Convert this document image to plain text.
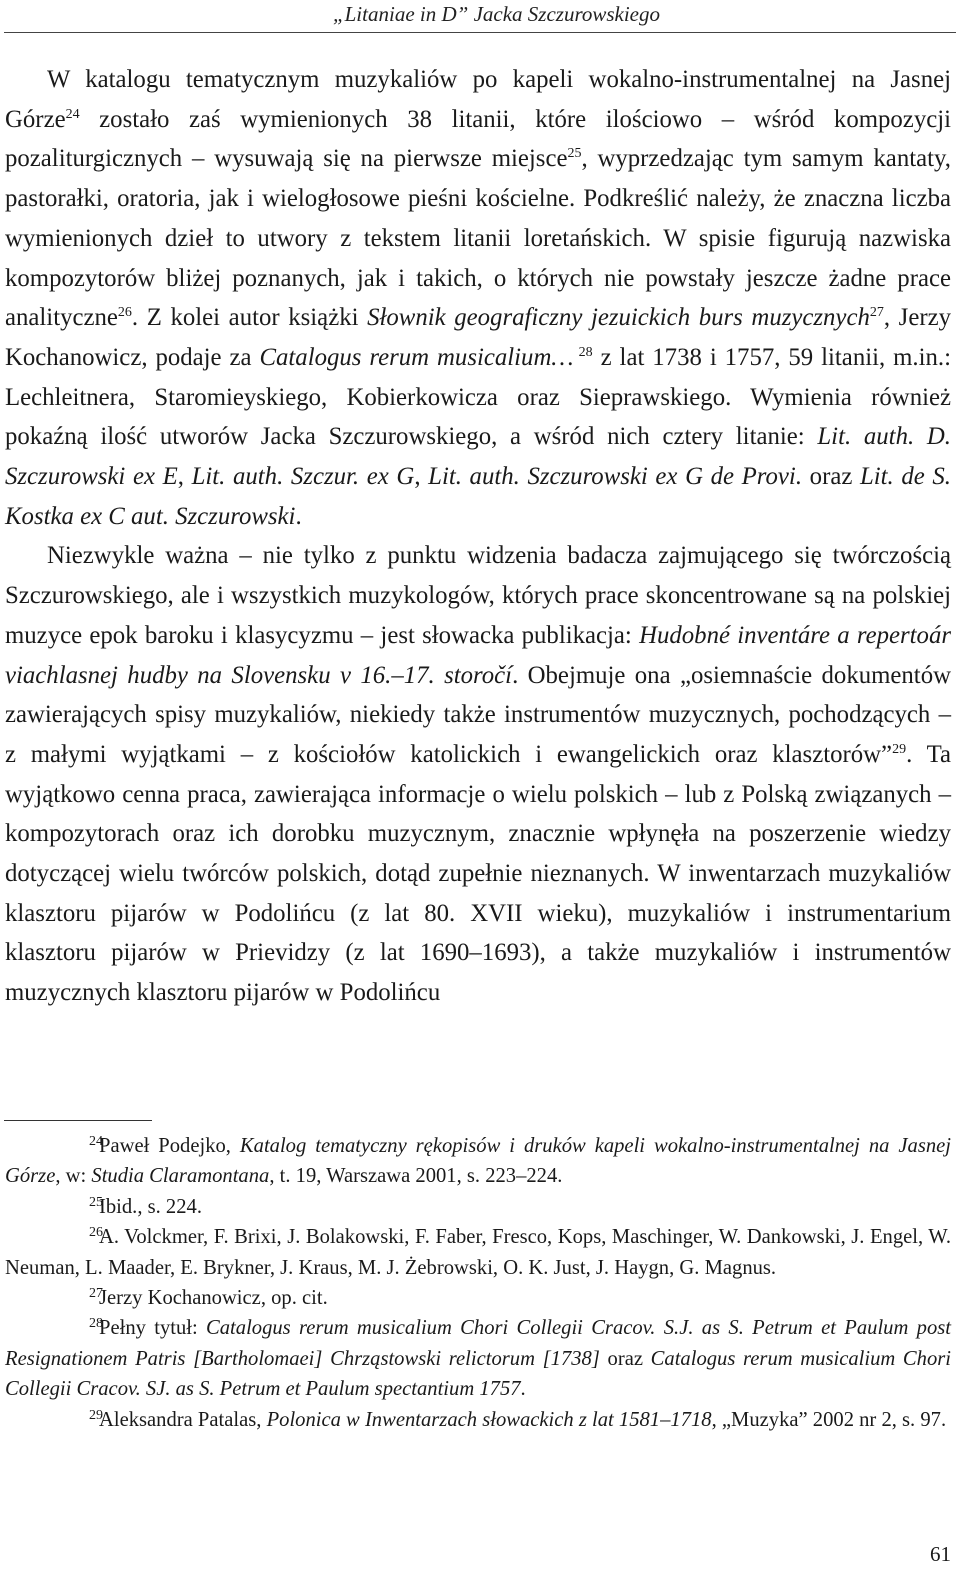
„Litaniae in D” Jacka Szczurowskiego

W katalogu tematycznym muzykaliów po kapeli wokalno-instrumentalnej na Jasnej Górze$^{24}$ zostało zaś wymienionych 38 litanii, które ilościowo – wśród kompozycji pozaliturgicznych – wysuwają się na pierwsze miejsce$^{25}$, wyprzedzając tym samym kantaty, pastorałki, oratoria, jak i wielogłosowe pieśni kościelne. Podkreślić należy, że znaczna liczba wymienionych dzieł to utwory z tekstem litanii loretańskich. W spisie figurują nazwiska kompozytorów bliżej poznanych, jak i takich, o których nie powstały jeszcze żadne prace analityczne$^{26}$. Z kolei autor książki Słownik geograficzny jezuickich burs muzycznych$^{27}$, Jerzy Kochanowicz, podaje za Catalogus rerum musicalium… $^{28}$ z lat 1738 i 1757, 59 litanii, m.in.: Lechleitnera, Staromieyskiego, Kobierkowicza oraz Sieprawskiego. Wymienia również pokaźną ilość utworów Jacka Szczurowskiego, a wśród nich cztery litanie: Lit. auth. D. Szczurowski ex E, Lit. auth. Szczur. ex G, Lit. auth. Szczurowski ex G de Provi. oraz Lit. de S. Kostka ex C aut. Szczurowski.

Niezwykle ważna – nie tylko z punktu widzenia badacza zajmującego się twórczością Szczurowskiego, ale i wszystkich muzykologów, których prace skoncentrowane są na polskiej muzyce epok baroku i klasycyzmu – jest słowacka publikacja: Hudobné inventáre a repertoár viachlasnej hudby na Slovensku v 16.–17. storočí. Obejmuje ona „osiemnaście dokumentów zawierających spisy muzykaliów, niekiedy także instrumentów muzycznych, pochodzących – z małymi wyjątkami – z kościołów katolickich i ewangelickich oraz klasztorów”$^{29}$. Ta wyjątkowo cenna praca, zawierająca informacje o wielu polskich – lub z Polską związanych – kompozytorach oraz ich dorobku muzycznym, znacznie wpłynęła na poszerzenie wiedzy dotyczącej wielu twórców polskich, dotąd zupełnie nieznanych. W inwentarzach muzykaliów klasztoru pijarów w Podolińcu (z lat 80. XVII wieku), muzykaliów i instrumentarium klasztoru pijarów w Prievidzy (z lat 1690–1693), a także muzykaliów i instrumentów muzycznych klasztoru pijarów w Podolińcu

24Paweł Podejko, Katalog tematyczny rękopisów i druków kapeli wokalno-instrumentalnej na Jasnej Górze, w: Studia Claramontana, t. 19, Warszawa 2001, s. 223–224.

25Ibid., s. 224.

26A. Volckmer, F. Brixi, J. Bolakowski, F. Faber, Fresco, Kops, Maschinger, W. Dankowski, J. Engel, W. Neuman, L. Maader, E. Brykner, J. Kraus, M. J. Żebrowski, O. K. Just, J. Haygn, G. Magnus.

27Jerzy Kochanowicz, op. cit.

28Pełny tytuł: Catalogus rerum musicalium Chori Collegii Cracov. S.J. as S. Petrum et Paulum post Resignationem Patris [Bartholomaei] Chrząstowski relictorum [1738] oraz Catalogus rerum musicalium Chori Collegii Cracov. SJ. as S. Petrum et Paulum spectantium 1757.

29Aleksandra Patalas, Polonica w Inwentarzach słowackich z lat 1581–1718, „Muzyka” 2002 nr 2, s. 97.

61
